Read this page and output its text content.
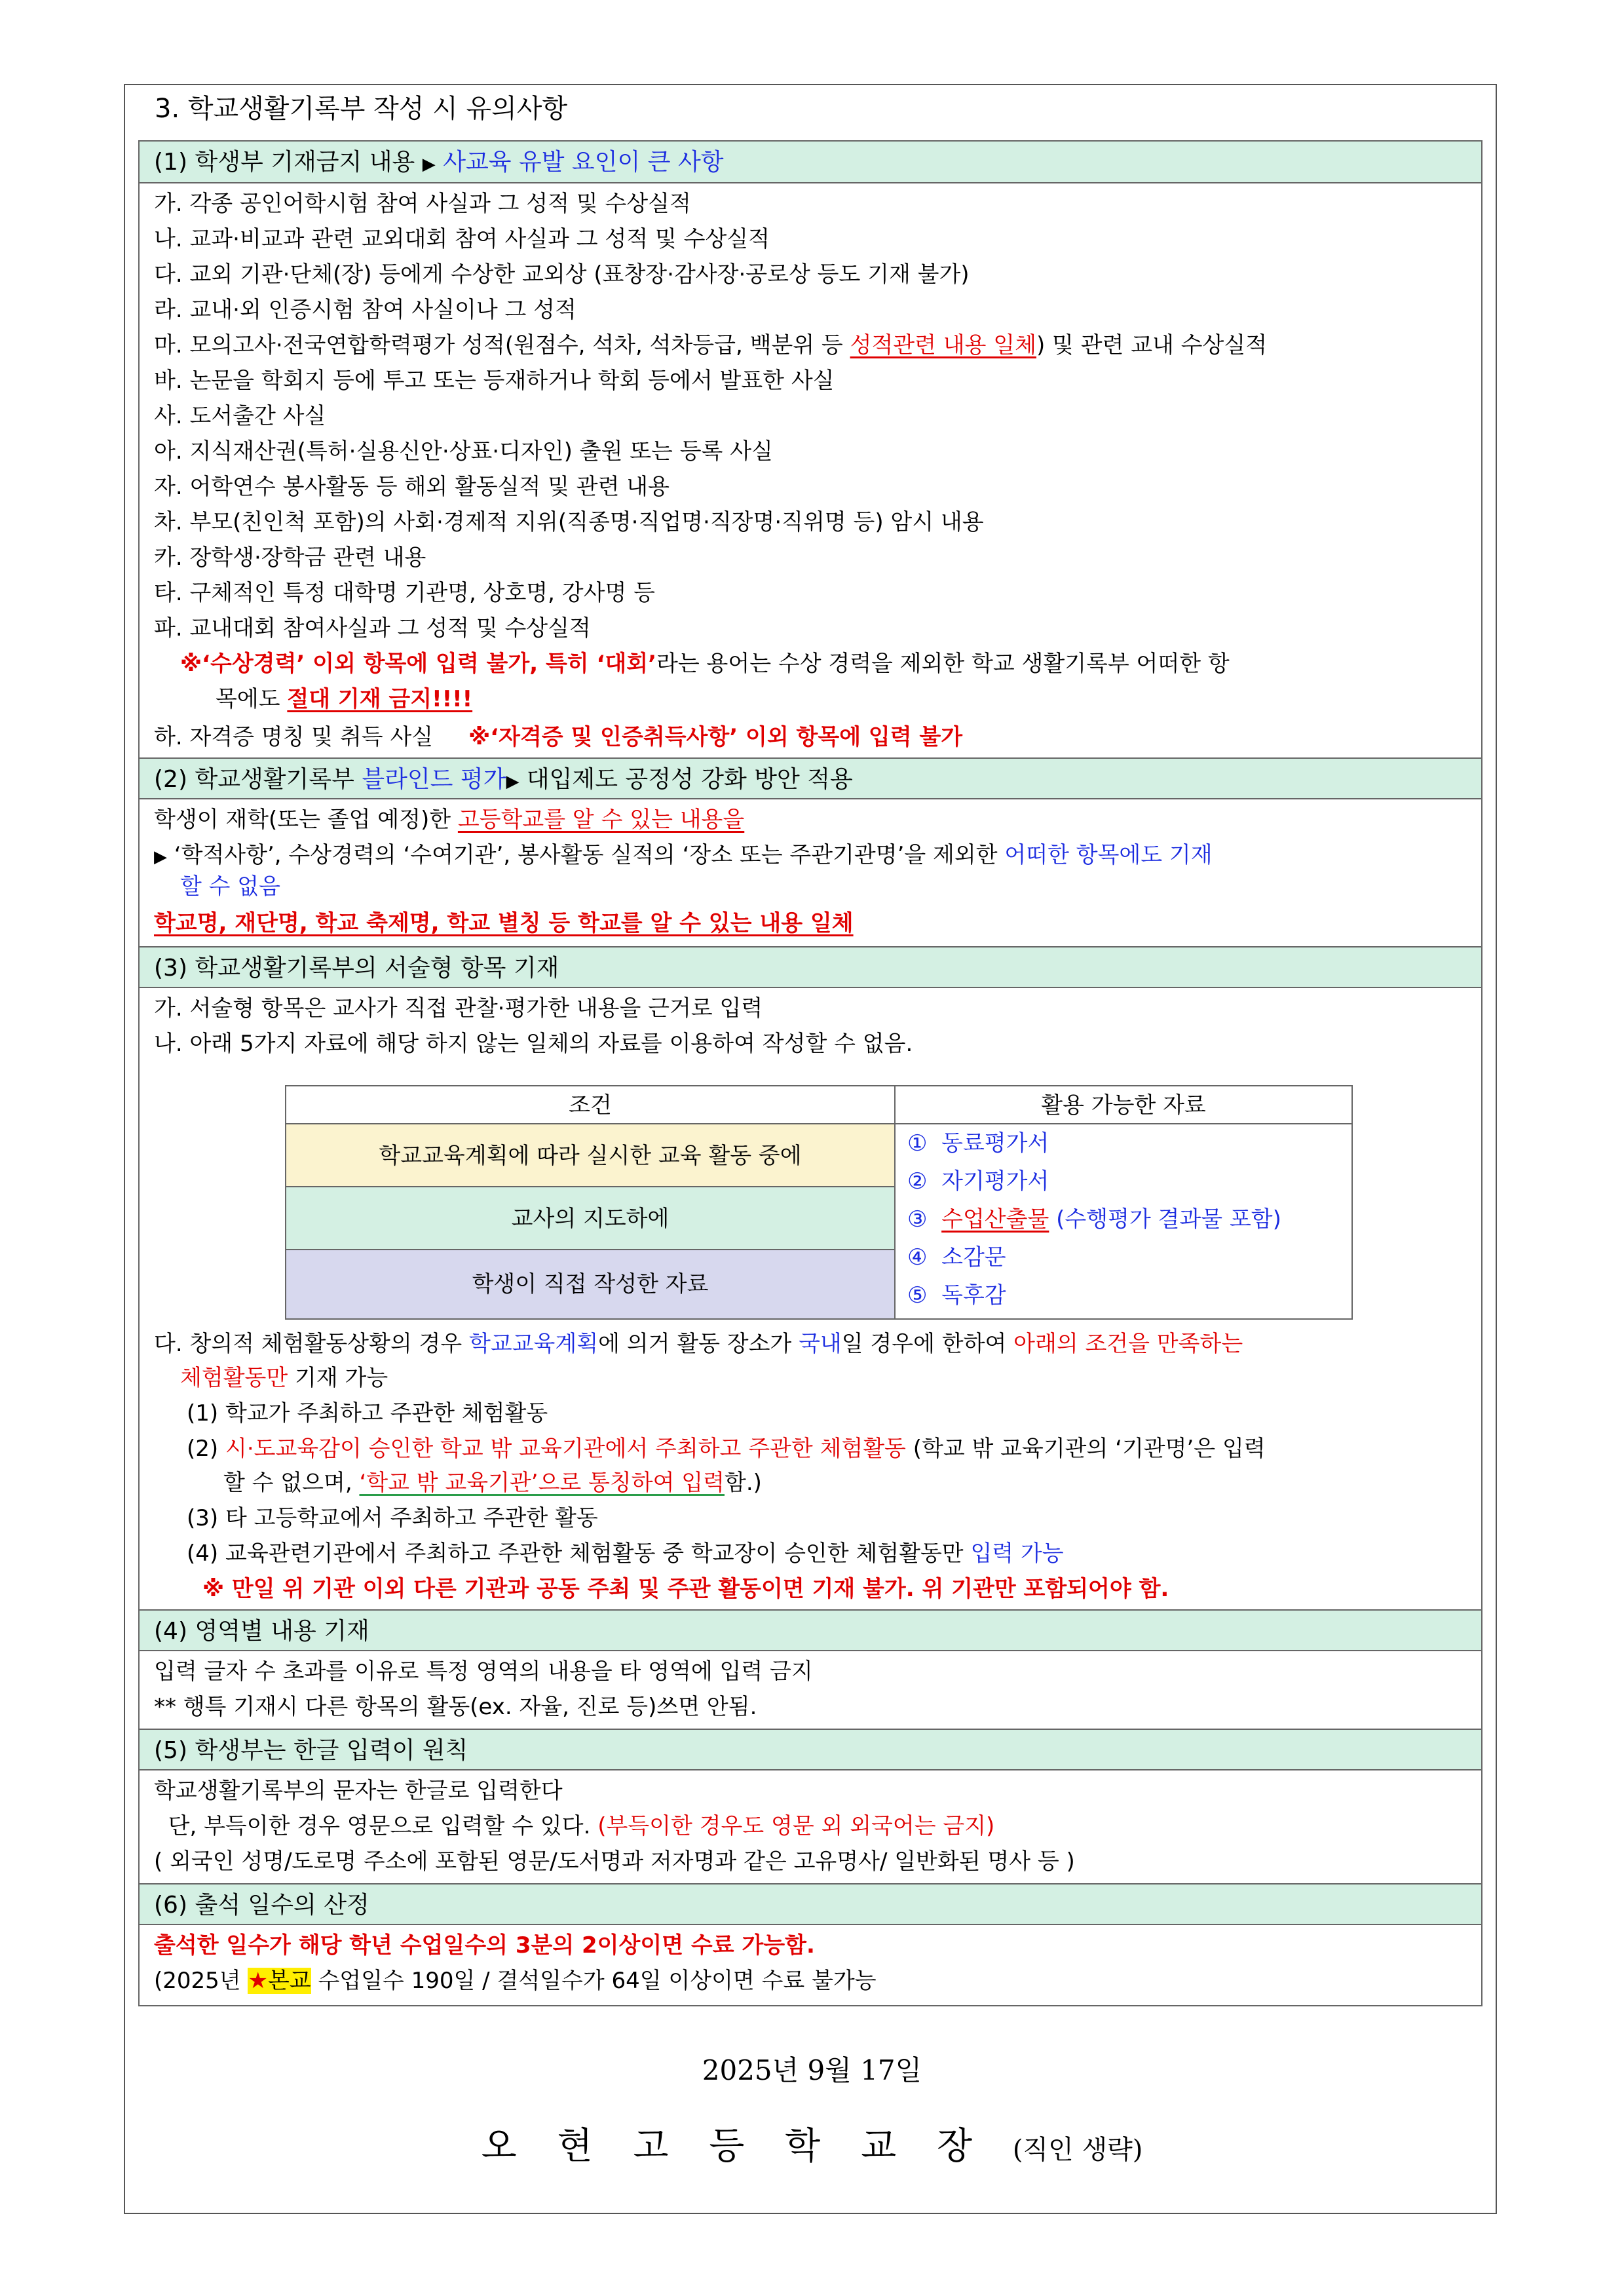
3. 학교생활기록부 작성 시 유의사항
(1) 학생부 기재금지 내용 ▶ 사교육 유발 요인이 큰 사항
가. 각종 공인어학시험 참여 사실과 그 성적 및 수상실적
나. 교과·비교과 관련 교외대회 참여 사실과 그 성적 및 수상실적
다. 교외 기관·단체(장) 등에게 수상한 교외상 (표창장·감사장·공로상 등도 기재 불가)
라. 교내·외 인증시험 참여 사실이나 그 성적
마. 모의고사·전국연합학력평가 성적(원점수, 석차, 석차등급, 백분위 등 성적관련 내용 일체) 및 관련 교내 수상실적
바. 논문을 학회지 등에 투고 또는 등재하거나 학회 등에서 발표한 사실
사. 도서출간 사실
아. 지식재산권(특허·실용신안·상표·디자인) 출원 또는 등록 사실
자. 어학연수 봉사활동 등 해외 활동실적 및 관련 내용
차. 부모(친인척 포함)의 사회·경제적 지위(직종명·직업명·직장명·직위명 등) 암시 내용
카. 장학생·장학금 관련 내용
타. 구체적인 특정 대학명 기관명, 상호명, 강사명 등
파. 교내대회 참여사실과 그 성적 및 수상실적
※‘수상경력’ 이외 항목에 입력 불가, 특히 ‘대회’라는 용어는 수상 경력을 제외한 학교 생활기록부 어떠한 항
목에도 절대 기재 금지!!!!
하. 자격증 명칭 및 취득 사실 ※‘자격증 및 인증취득사항’ 이외 항목에 입력 불가
(2) 학교생활기록부 블라인드 평가▶ 대입제도 공정성 강화 방안 적용
학생이 재학(또는 졸업 예정)한 고등학교를 알 수 있는 내용을
▶ ‘학적사항’, 수상경력의 ‘수여기관’, 봉사활동 실적의 ‘장소 또는 주관기관명’을 제외한 어떠한 항목에도 기재
할 수 없음
학교명, 재단명, 학교 축제명, 학교 별칭 등 학교를 알 수 있는 내용 일체
(3) 학교생활기록부의 서술형 항목 기재
가. 서술형 항목은 교사가 직접 관찰·평가한 내용을 근거로 입력
나. 아래 5가지 자료에 해당 하지 않는 일체의 자료를 이용하여 작성할 수 없음.
다. 창의적 체험활동상황의 경우 학교교육계획에 의거 활동 장소가 국내일 경우에 한하여 아래의 조건을 만족하는
체험활동만 기재 가능
(1) 학교가 주최하고 주관한 체험활동
(2) 시·도교육감이 승인한 학교 밖 교육기관에서 주최하고 주관한 체험활동 (학교 밖 교육기관의 ‘기관명’은 입력
할 수 없으며, ‘학교 밖 교육기관’으로 통칭하여 입력함.)
(3) 타 고등학교에서 주최하고 주관한 활동
(4) 교육관련기관에서 주최하고 주관한 체험활동 중 학교장이 승인한 체험활동만 입력 가능
※ 만일 위 기관 이외 다른 기관과 공동 주최 및 주관 활동이면 기재 불가. 위 기관만 포함되어야 함.
(4) 영역별 내용 기재
입력 글자 수 초과를 이유로 특정 영역의 내용을 타 영역에 입력 금지
** 행특 기재시 다른 항목의 활동(ex. 자율, 진로 등)쓰면 안됨.
(5) 학생부는 한글 입력이 원칙
학교생활기록부의 문자는 한글로 입력한다
단, 부득이한 경우 영문으로 입력할 수 있다. (부득이한 경우도 영문 외 외국어는 금지)
( 외국인 성명/도로명 주소에 포함된 영문/도서명과 저자명과 같은 고유명사/ 일반화된 명사 등 )
(6) 출석 일수의 산정
출석한 일수가 해당 학년 수업일수의 3분의 2이상이면 수료 가능함.
(2025년 ★본교 수업일수 190일 / 결석일수가 64일 이상이면 수료 불가능
조건	활용 가능한 자료
학교교육계획에 따라 실시한 교육 활동 중에
교사의 지도하에
학생이 직접 작성한 자료
① 동료평가서
② 자기평가서
③ 수업산출물 (수행평가 결과물 포함)
④ 소감문
⑤ 독후감
2025년 9월 17일
오 현 고 등 학 교 장 (직인 생략)
